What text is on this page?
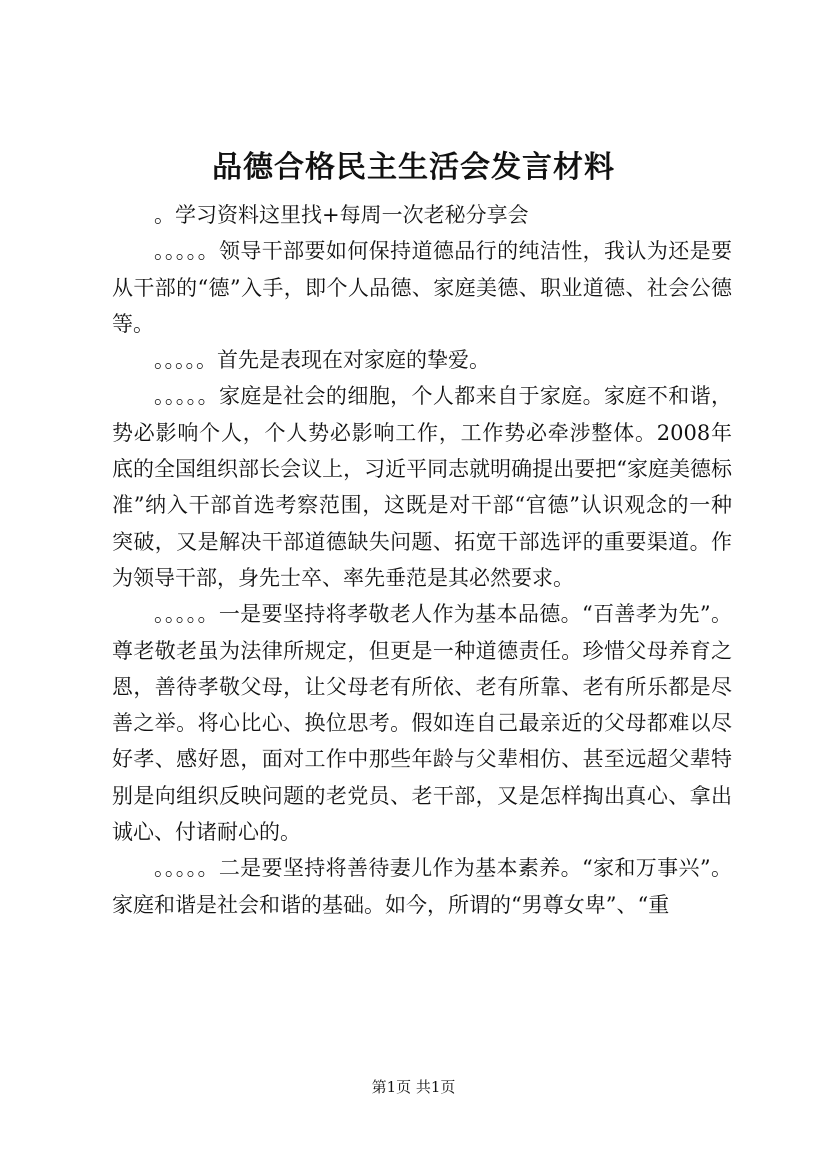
品德合格民主生活会发言材料

。学习资料这里找+每周一次老秘分享会

。。。。。领导干部要如何保持道德品行的纯洁性，我认为还是要从干部的“德”入手，即个人品德、家庭美德、职业道德、社会公德等。

。。。。。首先是表现在对家庭的挚爱。

。。。。。家庭是社会的细胞，个人都来自于家庭。家庭不和谐，势必影响个人，个人势必影响工作，工作势必牵涉整体。2008年底的全国组织部长会议上，习近平同志就明确提出要把“家庭美德标准”纳入干部首选考察范围，这既是对干部“官德”认识观念的一种突破，又是解决干部道德缺失问题、拓宽干部选评的重要渠道。作为领导干部，身先士卒、率先垂范是其必然要求。

。。。。。一是要坚持将孝敬老人作为基本品德。“百善孝为先”。尊老敬老虽为法律所规定，但更是一种道德责任。珍惜父母养育之恩，善待孝敬父母，让父母老有所依、老有所靠、老有所乐都是尽善之举。将心比心、换位思考。假如连自己最亲近的父母都难以尽好孝、感好恩，面对工作中那些年龄与父辈相仿、甚至远超父辈特别是向组织反映问题的老党员、老干部，又是怎样掏出真心、拿出诚心、付诸耐心的。

。。。。。二是要坚持将善待妻儿作为基本素养。“家和万事兴”。家庭和谐是社会和谐的基础。如今，所谓的“男尊女卑”、“重

第1页 共1页
